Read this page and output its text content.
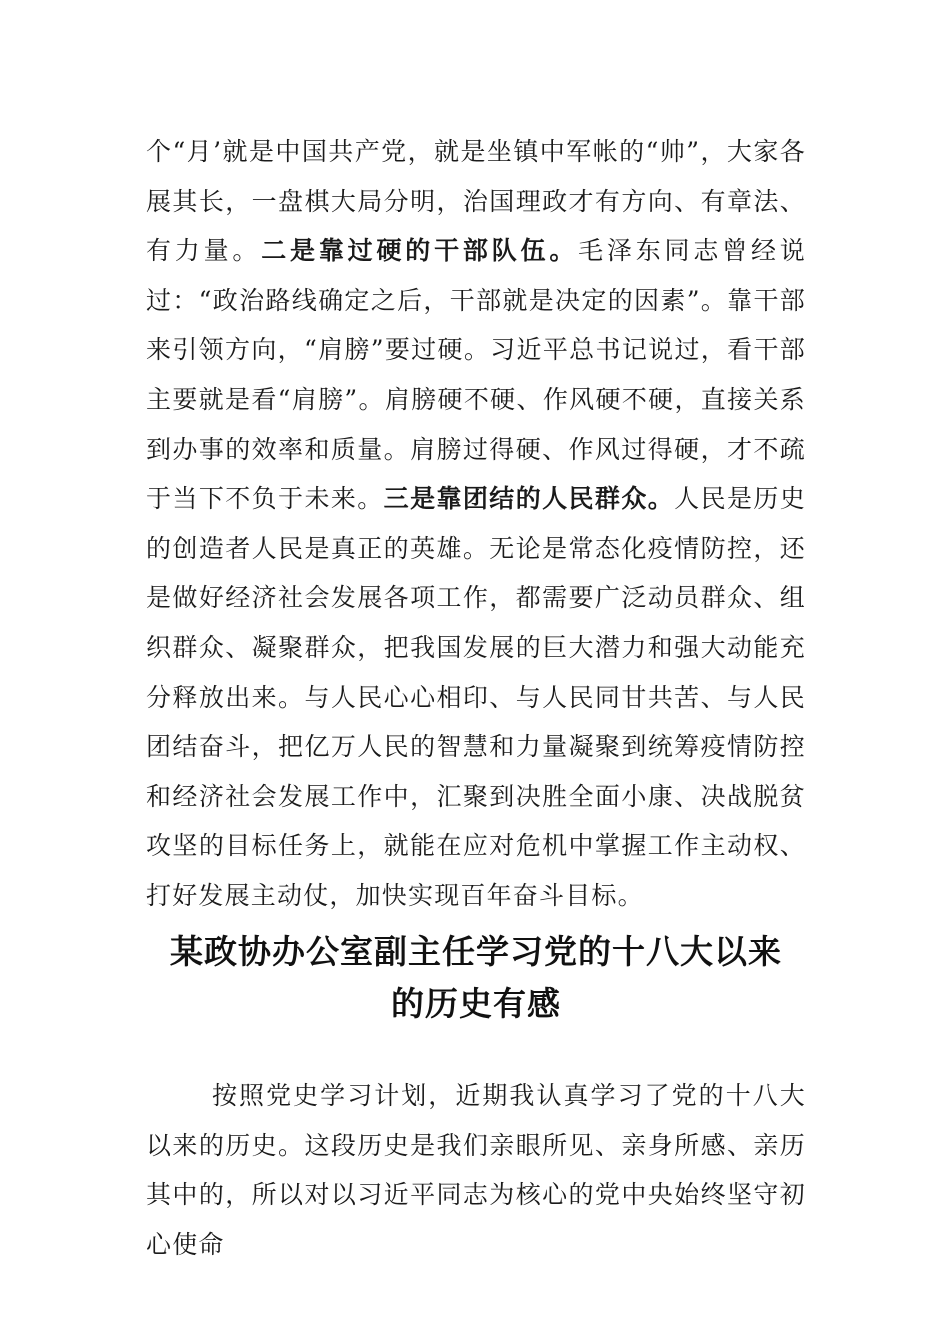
个“月’就是中国共产党，就是坐镇中军帐的“帅”，大家各展其长，一盘棋大局分明，治国理政才有方向、有章法、有力量。二是靠过硬的干部队伍。毛泽东同志曾经说过：“政治路线确定之后，干部就是决定的因素”。靠干部来引领方向，“肩膀”要过硬。习近平总书记说过，看干部主要就是看“肩膀”。肩膀硬不硬、作风硬不硬，直接关系到办事的效率和质量。肩膀过得硬、作风过得硬，才不疏于当下不负于未来。三是靠团结的人民群众。人民是历史的创造者人民是真正的英雄。无论是常态化疫情防控，还是做好经济社会发展各项工作，都需要广泛动员群众、组织群众、凝聚群众，把我国发展的巨大潜力和强大动能充分释放出来。与人民心心相印、与人民同甘共苦、与人民团结奋斗，把亿万人民的智慧和力量凝聚到统筹疫情防控和经济社会发展工作中，汇聚到决胜全面小康、决战脱贫攻坚的目标任务上，就能在应对危机中掌握工作主动权、打好发展主动仗，加快实现百年奋斗目标。

某政协办公室副主任学习党的十八大以来
的历史有感

按照党史学习计划，近期我认真学习了党的十八大以来的历史。这段历史是我们亲眼所见、亲身所感、亲历其中的，所以对以习近平同志为核心的党中央始终坚守初心使命
